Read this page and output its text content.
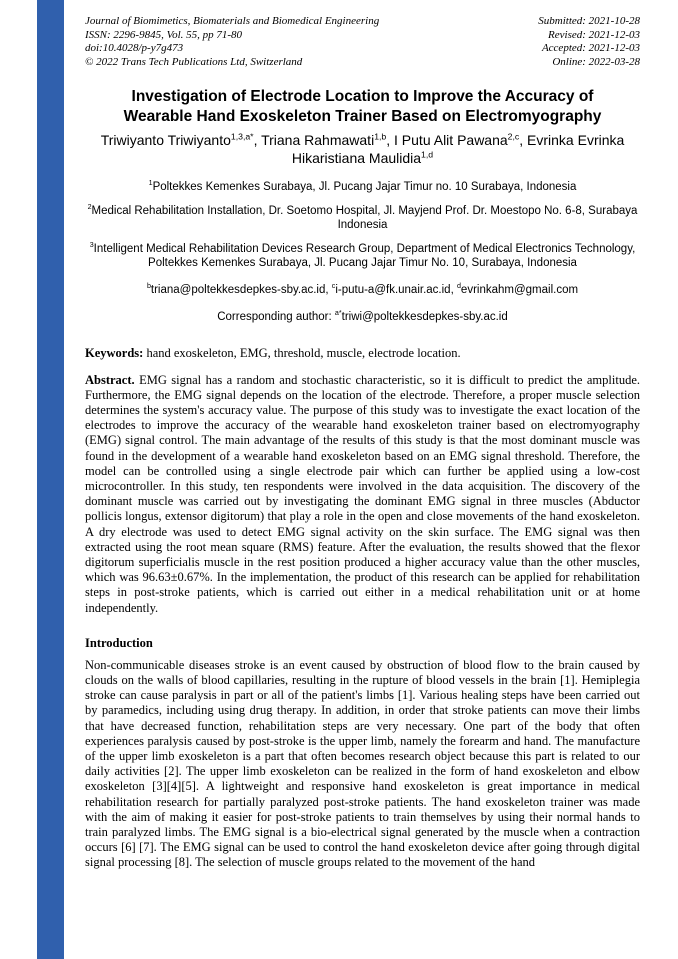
Journal of Biomimetics, Biomaterials and Biomedical Engineering
ISSN: 2296-9845, Vol. 55, pp 71-80
doi:10.4028/p-y7g473
© 2022 Trans Tech Publications Ltd, Switzerland
Submitted: 2021-10-28
Revised: 2021-12-03
Accepted: 2021-12-03
Online: 2022-03-28
Investigation of Electrode Location to Improve the Accuracy of
Wearable Hand Exoskeleton Trainer Based on Electromyography
Triwiyanto Triwiyanto$^{1,3,a*}$, Triana Rahmawati$^{1,b}$, I Putu Alit Pawana$^{2,c}$, Evrinka Evrinka Hikaristiana Maulidia$^{1,d}$
$^1$Poltekkes Kemenkes Surabaya, Jl. Pucang Jajar Timur no. 10 Surabaya, Indonesia
$^2$Medical Rehabilitation Installation, Dr. Soetomo Hospital, Jl. Mayjend Prof. Dr. Moestopo No. 6-8, Surabaya Indonesia
$^3$Intelligent Medical Rehabilitation Devices Research Group, Department of Medical Electronics Technology, Poltekkes Kemenkes Surabaya, Jl. Pucang Jajar Timur No. 10, Surabaya, Indonesia
$^b$triana@poltekkesdepkes-sby.ac.id, $^c$i-putu-a@fk.unair.ac.id, $^d$evrinkahm@gmail.com
Corresponding author: $^{a*}$triwi@poltekkesdepkes-sby.ac.id
Keywords: hand exoskeleton, EMG, threshold, muscle, electrode location.
Abstract. EMG signal has a random and stochastic characteristic, so it is difficult to predict the amplitude. Furthermore, the EMG signal depends on the location of the electrode. Therefore, a proper muscle selection determines the system's accuracy value. The purpose of this study was to investigate the exact location of the electrodes to improve the accuracy of the wearable hand exoskeleton trainer based on electromyography (EMG) signal control. The main advantage of the results of this study is that the most dominant muscle was found in the development of a wearable hand exoskeleton based on an EMG signal threshold. Therefore, the model can be controlled using a single electrode pair which can further be applied using a low-cost microcontroller. In this study, ten respondents were involved in the data acquisition. The discovery of the dominant muscle was carried out by investigating the dominant EMG signal in three muscles (Abductor pollicis longus, extensor digitorum) that play a role in the open and close movements of the hand exoskeleton. A dry electrode was used to detect EMG signal activity on the skin surface. The EMG signal was then extracted using the root mean square (RMS) feature. After the evaluation, the results showed that the flexor digitorum superficialis muscle in the rest position produced a higher accuracy value than the other muscles, which was 96.63±0.67%. In the implementation, the product of this research can be applied for rehabilitation steps in post-stroke patients, which is carried out either in a medical rehabilitation unit or at home independently.
Introduction
Non-communicable diseases stroke is an event caused by obstruction of blood flow to the brain caused by clouds on the walls of blood capillaries, resulting in the rupture of blood vessels in the brain [1]. Hemiplegia stroke can cause paralysis in part or all of the patient's limbs [1]. Various healing steps have been carried out by paramedics, including using drug therapy. In addition, in order that stroke patients can move their limbs that have decreased function, rehabilitation steps are very necessary. One part of the body that often experiences paralysis caused by post-stroke is the upper limb, namely the forearm and hand. The manufacture of the upper limb exoskeleton is a part that often becomes research object because this part is related to our daily activities [2]. The upper limb exoskeleton can be realized in the form of hand exoskeleton and elbow exoskeleton [3][4][5]. A lightweight and responsive hand exoskeleton is great importance in medical rehabilitation research for partially paralyzed post-stroke patients. The hand exoskeleton trainer was made with the aim of making it easier for post-stroke patients to train themselves by using their normal hands to train paralyzed limbs. The EMG signal is a bio-electrical signal generated by the muscle when a contraction occurs [6] [7]. The EMG signal can be used to control the hand exoskeleton device after going through digital signal processing [8]. The selection of muscle groups related to the movement of the hand
